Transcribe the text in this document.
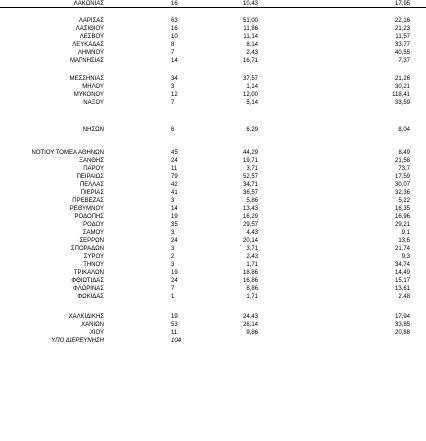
ΛΑΚΩΝΙΑΣ	16	10,43	17,95
ΛΑΡΙΣΑΣ	63	51,00	22,16
ΛΑΣΙΘΙΟΥ	16	11,86	21,23
ΛΕΣΒΟΥ	10	11,14	11,57
ΛΕΥΚΑΔΑΣ	8	8,14	33,77
ΛΗΜΝΟΥ	7	2,43	40,55
ΜΑΓΝΗΣΙΑΣ	14	16,71	7,37
ΜΕΣΣΗΝΙΑΣ	34	37,57	21,26
ΜΗΛΟΥ	3	1,14	30,21
ΜΥΚΟΝΟΥ	12	12,00	118,41
ΝΑΞΟΥ	7	5,14	33,59
ΝΗΣΩΝ	6	6,29	8,04
ΝΟΤΙΟΥ ΤΟΜΕΑ ΑΘΗΝΩΝ	45	44,29	8,49
ΞΑΝΘΗΣ	24	19,71	21,58
ΠΑΡΟΥ	11	3,71	73,7
ΠΕΙΡΑΙΩΣ	79	52,57	17,59
ΠΕΛΛΑΣ	42	34,71	30,07
ΠΙΕΡΙΑΣ	41	36,57	32,36
ΠΡΕΒΕΖΑΣ	3	5,86	5,22
ΡΕΘΥΜΝΟΥ	14	13,43	16,35
ΡΟΔΟΠΗΣ	19	16,29	16,96
ΡΟΔΟΥ	35	29,57	29,21
ΣΑΜΟΥ	3	4,43	9,1
ΣΕΡΡΩΝ	24	20,14	13,6
ΣΠΟΡΑΔΩΝ	3	3,71	21,74
ΣΥΡΟΥ	2	2,43	9,3
ΤΗΝΟΥ	3	1,71	34,74
ΤΡΙΚΑΛΩΝ	19	18,86	14,49
ΦΘΙΩΤΙΔΑΣ	24	16,86	15,17
ΦΛΩΡΙΝΑΣ	7	6,86	13,61
ΦΩΚΙΔΑΣ	1	1,71	2,48
ΧΑΛΚΙΔΙΚΗΣ	19	24,43	17,94
ΧΑΝΙΩΝ	53	26,14	33,85
ΧΙΟΥ	11	9,86	20,88
ΥΠΟ ΔΙΕΡΕΥΝΗΣΗ	104
